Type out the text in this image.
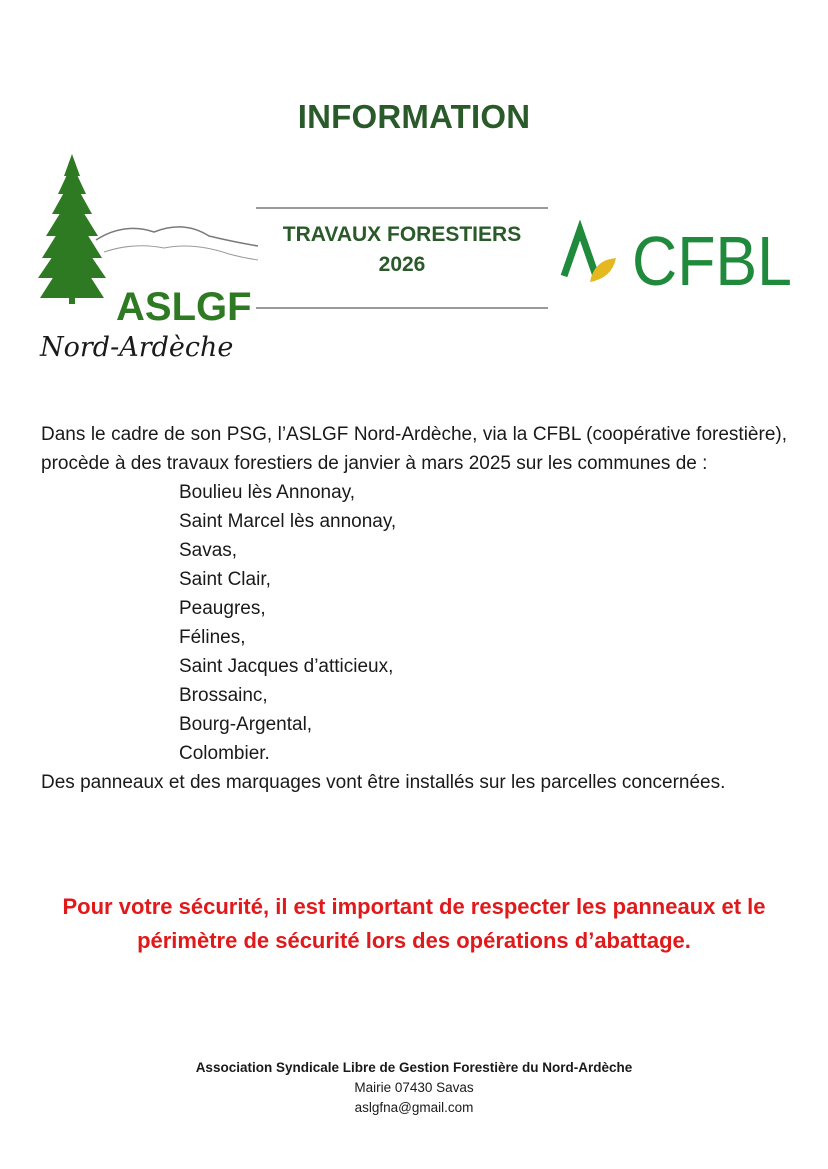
INFORMATION
ASLGF
Nord-Ardèche
TRAVAUX FORESTIERS
2026	CFBL
Dans le cadre de son PSG, l’ASLGF Nord-Ardèche, via la CFBL (coopérative forestière), procède à des travaux forestiers de janvier à mars 2025 sur les communes de :
Boulieu lès Annonay,
Saint Marcel lès annonay,
Savas,
Saint Clair,
Peaugres,
Félines,
Saint Jacques d’atticieux,
Brossainc,
Bourg-Argental,
Colombier.
Des panneaux et des marquages vont être installés sur les parcelles concernées.
Pour votre sécurité, il est important de respecter les panneaux et le périmètre de sécurité lors des opérations d’abattage.
Association Syndicale Libre de Gestion Forestière du Nord-Ardèche
Mairie 07430 Savas
aslgfna@gmail.com
